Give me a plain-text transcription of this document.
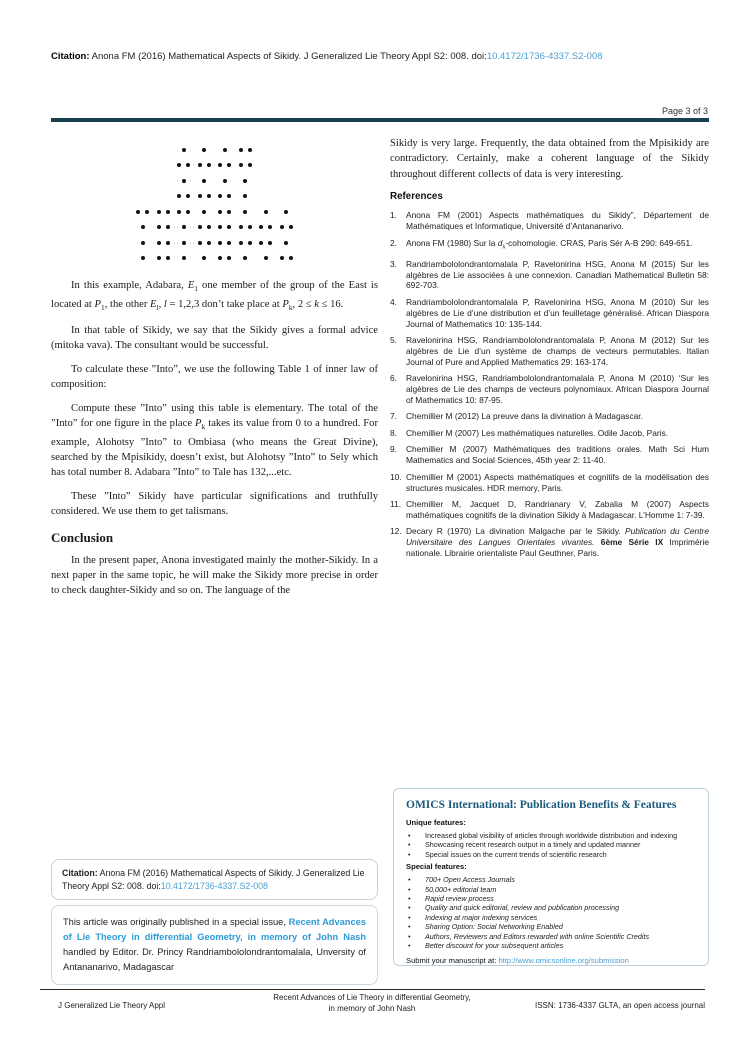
Citation: Anona FM (2016) Mathematical Aspects of Sikidy. J Generalized Lie Theory Appl S2: 008. doi:10.4172/1736-4337.S2-008
Page 3 of 3

In this example, Adabara, $E_1$ one member of the group of the East is located at $P_1$, the other $E_l$, l = 1,2,3 don’t take place at $P_k$, 2 ≤ k ≤ 16.

In that table of Sikidy, we say that the Sikidy gives a formal advice (mitoka vava). The consultant would be successful.

To calculate these ”Into”, we use the following Table 1 of inner law of composition:

Compute these ”Into” using this table is elementary. The total of the ”Into” for one figure in the place $P_k$ takes its value from 0 to a hundred. For example, Alohotsy ”Into” to Ombiasa (who means the Great Divine), searched by the Mpisikidy, doesn’t exist, but Alohotsy ”Into” to Sely which has total number 8. Adabara ”Into” to Tale has 132,...etc.

These ”Into” Sikidy have particular significations and truthfully considered. We use them to get talismans.

Conclusion

In the present paper, Anona investigated mainly the mother-Sikidy. In a next paper in the same topic, he will make the Sikidy more precise in order to check daughter-Sikidy and so on. The language of the

Sikidy is very large. Frequently, the data obtained from the Mpisikidy are contradictory. Certainly, make a coherent language of the Sikidy throughout different collects of data is very interesting.

References
1.	Anona FM (2001) Aspects mathématiques du Sikidy”, Département de Mathématiques et Informatique, Université d’Antananarivo.
2.	Anona FM (1980) Sur la $d_\lambda$-cohomologie. CRAS, Paris Sér A-B 290: 649-651.
3.	Randriambololondrantomalala P, Ravelonirina HSG, Anona M (2015) Sur les algèbres de Lie associées à une connexion. Canadian Mathematical Bulletin 58: 692-703.
4.	Randriambololondrantomalala P, Ravelonirina HSG, Anona M (2010) Sur les algèbres de Lie d’une distribution et d’un feuilletage généralisé. African Diaspora Journal of Mathematics 10: 135-144.
5.	Ravelonirina HSG, Randriambololondrantomalala P, Anona M (2012) Sur les algèbres de Lie d’un système de champs de vecteurs permutables. Italian Journal of Pure and Applied Mathematics 29: 163-174.
6.	Ravelonirina HSG, Randriambololondrantomalala P, Anona M (2010) ‘Sur les algèbres de Lie des champs de vecteurs polynomiaux. African Diaspora Journal of Mathematics 10: 87-95.
7.	Chemillier M (2012) La preuve dans la divination à Madagascar.
8.	Chemillier M (2007) Les mathématiques naturelles. Odile Jacob, Paris.
9.	Chemillier M (2007) Mathématiques des traditions orales. Math Sci Hum Mathematics and Social Sciences, 45th year 2: 11-40.
10. Chemillier M (2001) Aspects mathématiques et cognitifs de la modélisation des structures musicales. HDR memory, Paris.
11. Chemillier M, Jacquet D, Randrianary V, Zabalia M (2007) Aspects mathématiques cognitifs de la divination Sikidy à Madagascar. L’Homme 1: 7-39.
12. Decary R (1970) La divination Malgache par le Sikidy. Publication du Centre Universitaire des Langues Orientales vivantes. 6ème Série IX Imprimérie nationale. Librairie orientaliste Paul Geuthner, Paris.
OMICS International: Publication Benefits & Features
Unique features:
•	Increased global visibility of articles through worldwide distribution and indexing
•	Showcasing recent research output in a timely and updated manner
•	Special issues on the current trends of scientific research
Special features:
•	700+ Open Access Journals
•	50,000+ editorial team
•	Rapid review process
•	Quality and quick editorial, review and publication processing
•	Indexing at major indexing services
•	Sharing Option: Social Networking Enabled
•	Authors, Reviewers and Editors rewarded with online Scientific Credits
•	Better discount for your subsequent articles
Submit your manuscript at: http://www.omicsonline.org/submission
Citation: Anona FM (2016) Mathematical Aspects of Sikidy. J Generalized Lie Theory Appl S2: 008. doi:10.4172/1736-4337.S2-008
This article was originally published in a special issue, Recent Advances of Lie Theory in differential Geometry, in memory of John Nash handled by Editor. Dr. Princy Randriambololondrantomalala, Unversity of Antananarivo, Madagascar
J Generalized Lie Theory Appl
Recent Advances of Lie Theory in differential Geometry, in memory of John Nash	ISSN: 1736-4337 GLTA, an open access journal
